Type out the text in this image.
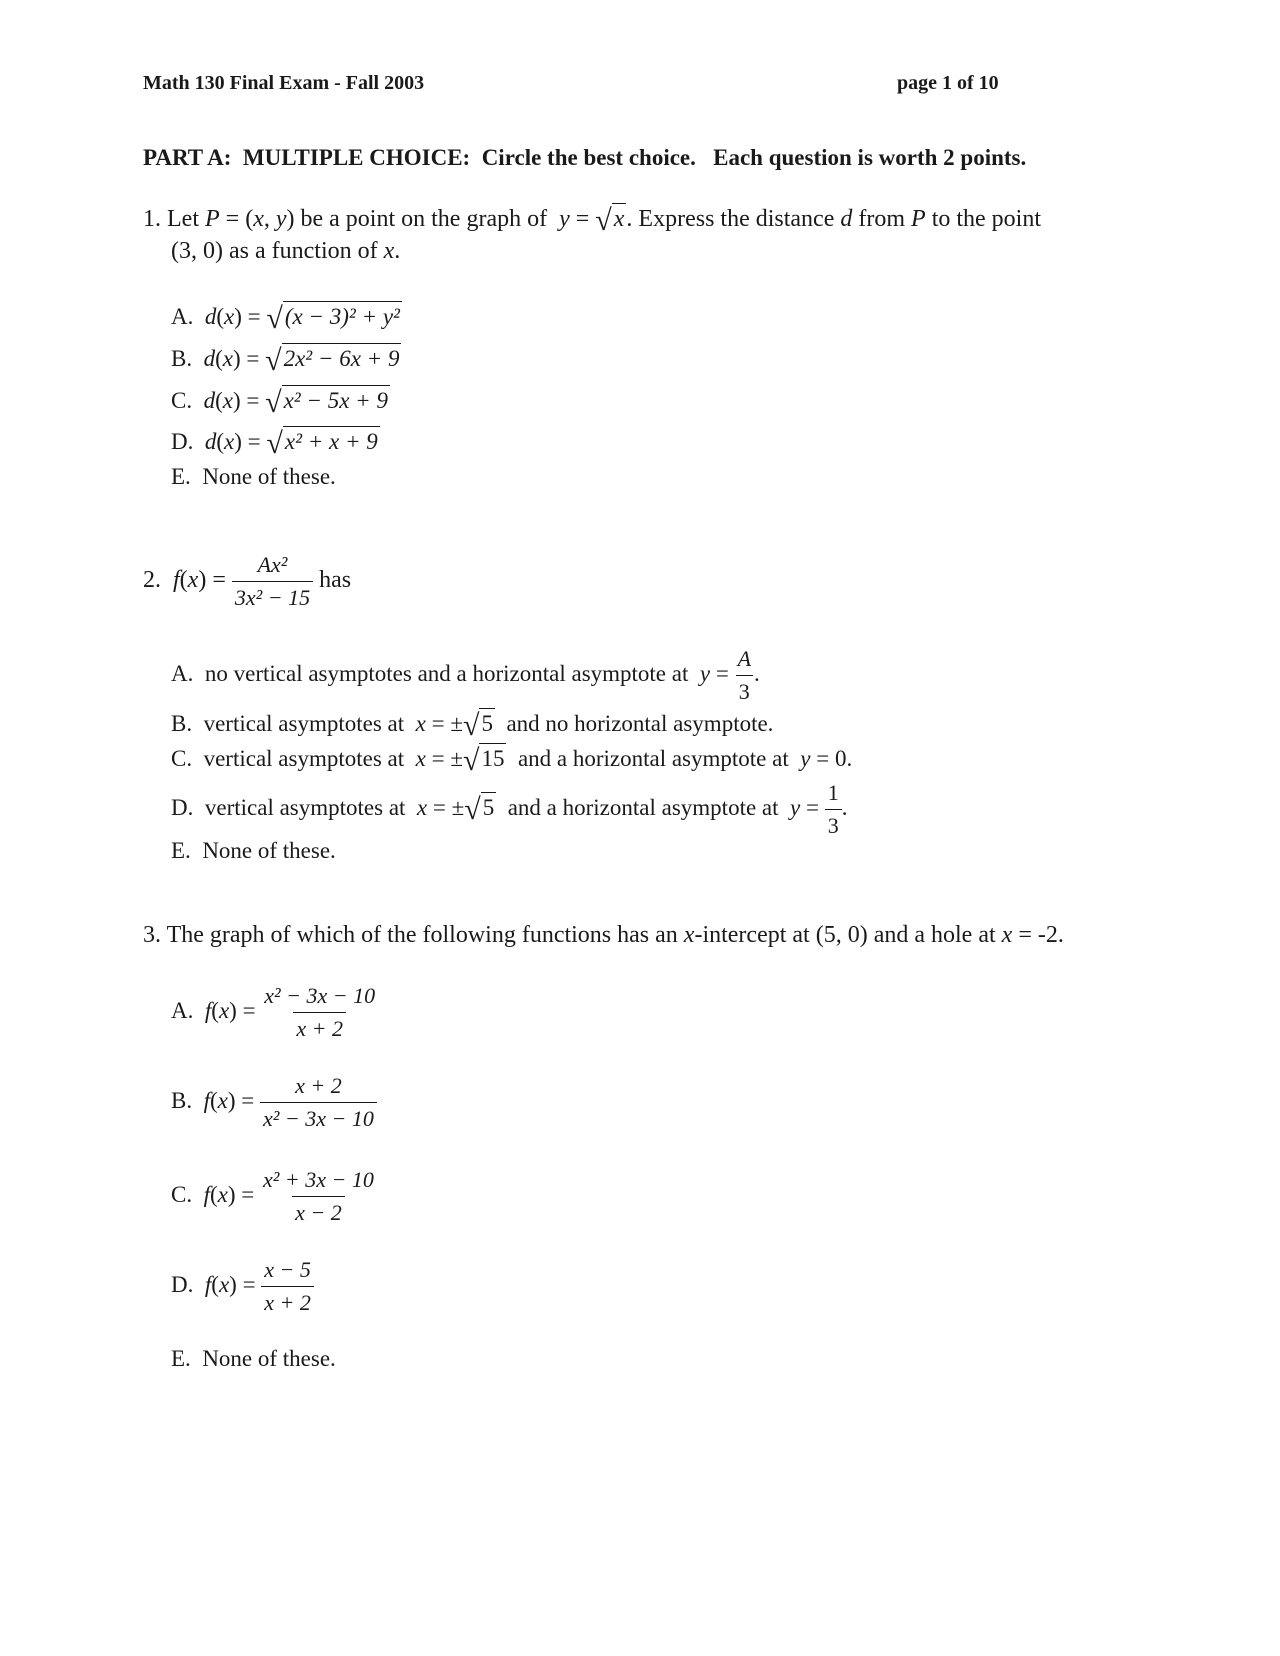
Math 130 Final Exam - Fall 2003	page 1 of 10
PART A:  MULTIPLE CHOICE:  Circle the best choice.   Each question is worth 2 points.
1. Let P = (x, y) be a point on the graph of y = √x. Express the distance d from P to the point
(3, 0) as a function of x.
A. d(x) = √(x − 3)² + y²
B. d(x) = √2x² − 6x + 9
C. d(x) = √x² − 5x + 9
D. d(x) = √x² + x + 9
E. None of these.
2. $f(x) = \frac{\text{Ax²}}{\text{3x² − 15}}$ has
A. no vertical asymptotes and a horizontal asymptote at $y = \frac{A}{3}$ .
B. vertical asymptotes at x = ±√5 and no horizontal asymptote.
C. vertical asymptotes at x = ±√15 and a horizontal asymptote at y = 0.
D. vertical asymptotes at x = ±√5 and a horizontal asymptote at $y = \frac{1}{3}$ .
E. None of these.
3. The graph of which of the following functions has an x-intercept at (5, 0) and a hole at x = -2.
A. $f(x) = \frac{\text{x² − 3x − 10}}{x + 2}$
B. $f(x) = \frac{x + 2}{\text{x² − 3x − 10}}$
C. $f(x) = \frac{\text{x² + 3x − 10}}{x - 2}$
D. $f(x) = \frac{x - 5}{x + 2}$
E. None of these.
